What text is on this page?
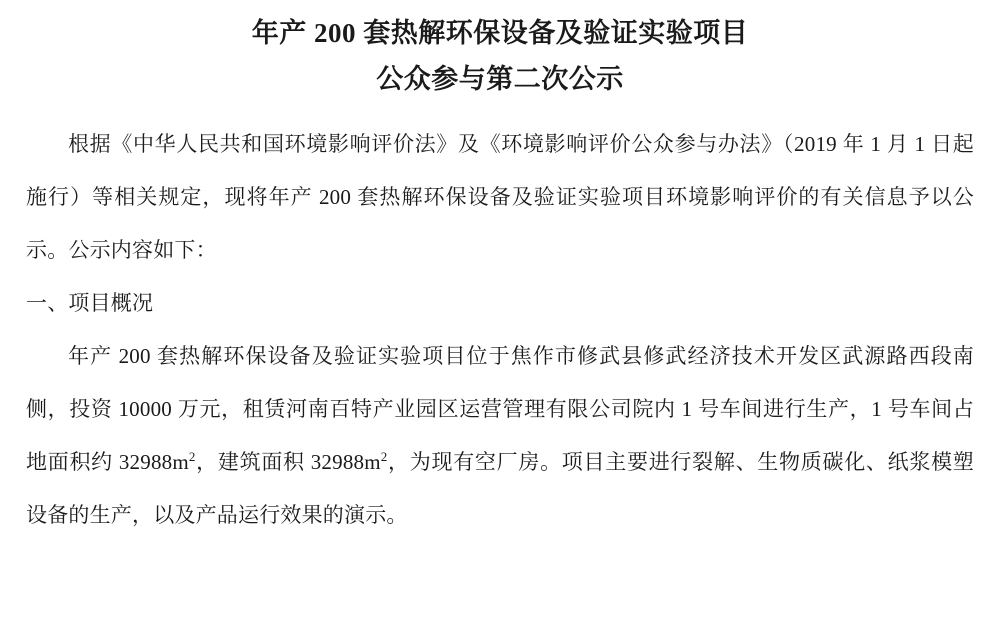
年产 200 套热解环保设备及验证实验项目
公众参与第二次公示

根据《中华人民共和国环境影响评价法》及《环境影响评价公众参与办法》（2019 年 1 月 1 日起施行）等相关规定，现将年产 200 套热解环保设备及验证实验项目环境影响评价的有关信息予以公示。公示内容如下：

一、项目概况

年产 200 套热解环保设备及验证实验项目位于焦作市修武县修武经济技术开发区武源路西段南侧，投资 10000 万元，租赁河南百特产业园区运营管理有限公司院内 1 号车间进行生产，1 号车间占地面积约 $32988m^2$，建筑面积 $32988m^2$，为现有空厂房。项目主要进行裂解、生物质碳化、纸浆模塑设备的生产，以及产品运行效果的演示。
